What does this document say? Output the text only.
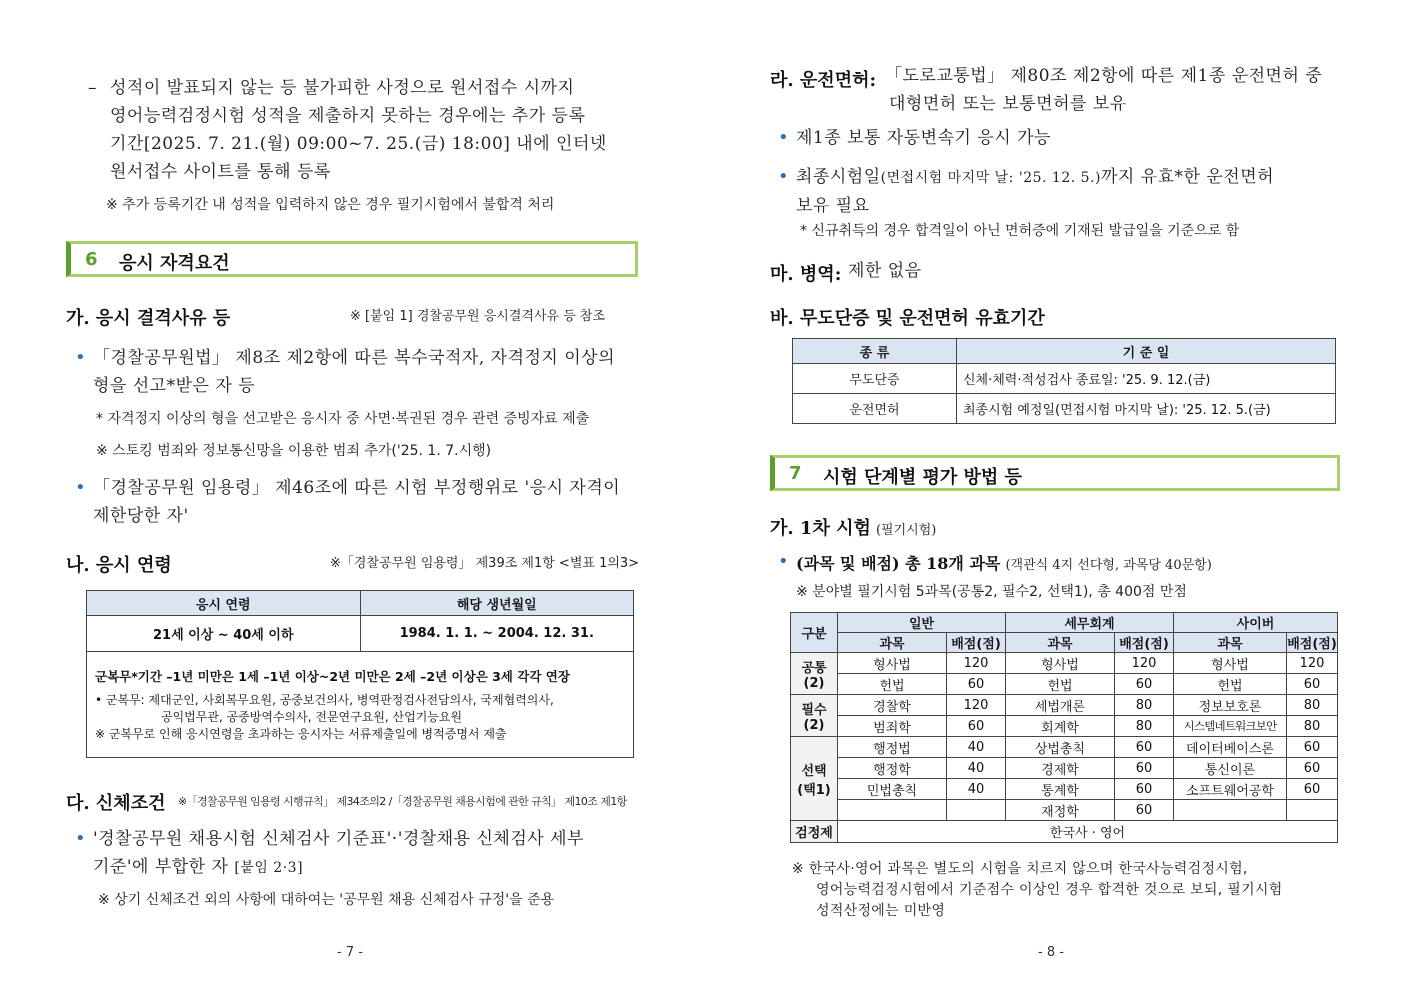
– 성적이 발표되지 않는 등 불가피한 사정으로 원서접수 시까지
영어능력검정시험 성적을 제출하지 못하는 경우에는 추가 등록
기간[2025. 7. 21.(월) 09:00~7. 25.(금) 18:00] 내에 인터넷
원서접수 사이트를 통해 등록
※ 추가 등록기간 내 성적을 입력하지 않은 경우 필기시험에서 불합격 처리
6 응시 자격요건
가. 응시 결격사유 등	※ [붙임 1] 경찰공무원 응시결격사유 등 참조
• 「경찰공무원법」 제8조 제2항에 따른 복수국적자, 자격정지 이상의
형을 선고*받은 자 등
* 자격정지 이상의 형을 선고받은 응시자 중 사면·복권된 경우 관련 증빙자료 제출
※ 스토킹 범죄와 정보통신망을 이용한 범죄 추가('25. 1. 7.시행)
• 「경찰공무원 임용령」 제46조에 따른 시험 부정행위로 '응시 자격이
제한당한 자'
나. 응시 연령	※「경찰공무원 임용령」 제39조 제1항 <별표 1의3>
응시 연령	해당 생년월일
21세 이상 ~ 40세 이하	1984. 1. 1. ~ 2004. 12. 31.

군복무*기간 –1년 미만은 1세 –1년 이상~2년 미만은 2세 –2년 이상은 3세 각각 연장
• 군복무: 제대군인, 사회복무요원, 공중보건의사, 병역판정검사전담의사, 국제협력의사,
공익법무관, 공중방역수의사, 전문연구요원, 산업기능요원
※ 군복무로 인해 응시연령을 초과하는 응시자는 서류제출일에 병적증명서 제출	
다. 신체조건 ※「경찰공무원 임용령 시행규칙」 제34조의2 /「경찰공무원 채용시험에 관한 규칙」 제10조 제1항
• '경찰공무원 채용시험 신체검사 기준표'·'경찰채용 신체검사 세부
기준'에 부합한 자 [붙임 2·3]
※ 상기 신체조건 외의 사항에 대하여는 '공무원 채용 신체검사 규정'을 준용
- 7 -
라. 운전면허: 「도로교통법」 제80조 제2항에 따른 제1종 운전면허 중
대형면허 또는 보통면허를 보유
• 제1종 보통 자동변속기 응시 가능
• 최종시험일(면접시험 마지막 날: '25. 12. 5.)까지 유효*한 운전면허
보유 필요
* 신규취득의 경우 합격일이 아닌 면허증에 기재된 발급일을 기준으로 함
마. 병역: 제한 없음
바. 무도단증 및 운전면허 유효기간
종 류	기 준 일
무도단증	신체·체력·적성검사 종료일: '25. 9. 12.(금)
운전면허	최종시험 예정일(면접시험 마지막 날): '25. 12. 5.(금)
7 시험 단계별 평가 방법 등
가. 1차 시험 (필기시험)
• (과목 및 배점) 총 18개 과목 (객관식 4지 선다형, 과목당 40문항)
※ 분야별 필기시험 5과목(공통2, 필수2, 선택1), 총 400점 만점
구분	일반		세무회계		사이버	
	과목	배점(점)	과목	배점(점)	과목	배점(점)

공통
(2)	형사법	120	형사법	120	형사법	120
	헌법	60	헌법	60	헌법	60

필수
(2)	경찰학	120	세법개론	80	정보보호론	80
	범죄학	60	회계학	80	시스템네트워크보안	80

선택
(택1)	행정법	40	상법총칙	60	데이터베이스론	60
	행정학	40	경제학	60	통신이론	60
	민법총칙	40	통계학	60	소프트웨어공학	60
			재정학	60		
검정제	한국사 · 영어					
※ 한국사·영어 과목은 별도의 시험을 치르지 않으며 한국사능력검정시험,
영어능력검정시험에서 기준점수 이상인 경우 합격한 것으로 보되, 필기시험
성적산정에는 미반영
- 8 -
